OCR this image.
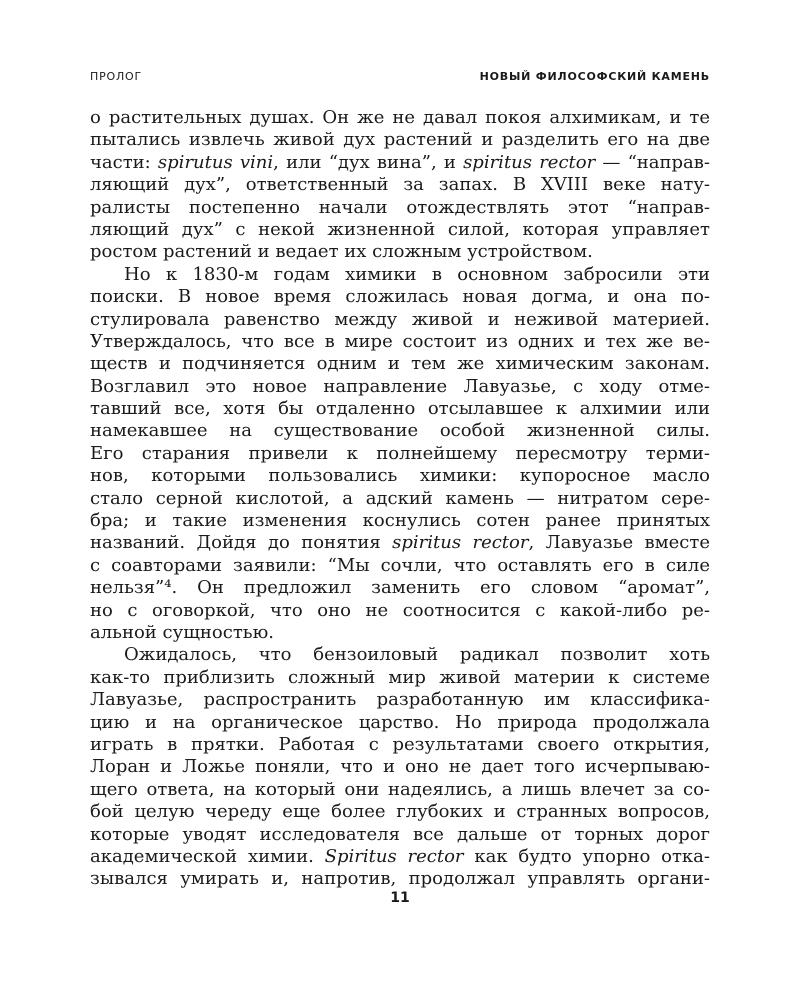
ПРОЛОГ	НОВЫЙ ФИЛОСОФСКИЙ КАМЕНЬ
о растительных душах. Он же не давал покоя алхимикам, и те
пытались извлечь живой дух растений и разделить его на две
части: spirutus vini, или “дух вина”, и spiritus rector — “направ-
ляющий дух”, ответственный за запах. В XVIII веке нату-
ралисты постепенно начали отождествлять этот “направ-
ляющий дух” с некой жизненной силой, которая управляет
ростом растений и ведает их сложным устройством.
Но к 1830-м годам химики в основном забросили эти
поиски. В новое время сложилась новая догма, и она по-
стулировала равенство между живой и неживой материей.
Утверждалось, что все в мире состоит из одних и тех же ве-
ществ и подчиняется одним и тем же химическим законам.
Возглавил это новое направление Лавуазье, с ходу отме-
тавший все, хотя бы отдаленно отсылавшее к алхимии или
намекавшее на существование особой жизненной силы.
Его старания привели к полнейшему пересмотру терми-
нов, которыми пользовались химики: купоросное масло
стало серной кислотой, а адский камень — нитратом сере-
бра; и такие изменения коснулись сотен ранее принятых
названий. Дойдя до понятия spiritus rector, Лавуазье вместе
с соавторами заявили: “Мы сочли, что оставлять его в силе
нельзя”⁴. Он предложил заменить его словом “аромат”,
но с оговоркой, что оно не соотносится с какой-либо ре-
альной сущностью.
Ожидалось, что бензоиловый радикал позволит хоть
как-то приблизить сложный мир живой материи к системе
Лавуазье, распространить разработанную им классифика-
цию и на органическое царство. Но природа продолжала
играть в прятки. Работая с результатами своего открытия,
Лоран и Ложье поняли, что и оно не дает того исчерпываю-
щего ответа, на который они надеялись, а лишь влечет за со-
бой целую череду еще более глубоких и странных вопросов,
которые уводят исследователя все дальше от торных дорог
академической химии. Spiritus rector как будто упорно отка-
зывался умирать и, напротив, продолжал управлять органи-
11
